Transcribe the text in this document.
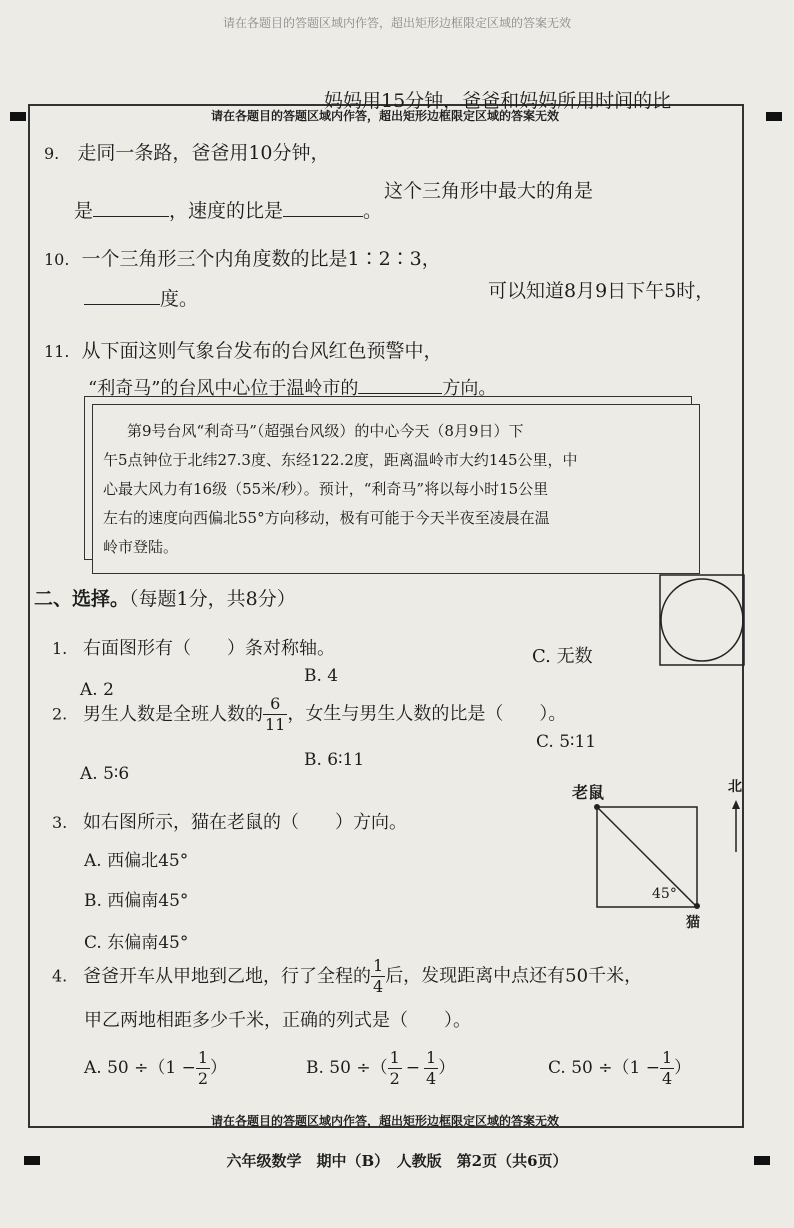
请在各题目的答题区域内作答，超出矩形边框限定区域的答案无效
请在各题目的答题区域内作答，超出矩形边框限定区域的答案无效
妈妈用15分钟，爸爸和妈妈所用时间的比
9. 走同一条路，爸爸用10分钟，
是	，速度的比是	。
这个三角形中最大的角是
10. 一个三角形三个内角度数的比是1∶2∶3，
度。	可以知道8月9日下午5时，
11. 从下面这则气象台发布的台风红色预警中，
“利奇马”的台风中心位于温岭市的	方向。
第9号台风“利奇马”（超强台风级）的中心今天（8月9日）下
午5点钟位于北纬27.3度、东经122.2度，距离温岭市大约145公里，中
心最大风力有16级（55米/秒）。预计，“利奇马”将以每小时15公里
左右的速度向西偏北55°方向移动，极有可能于今天半夜至凌晨在温
岭市登陆。
二、选择。（每题1分，共8分）
1. 右面图形有（　　）条对称轴。
A. 2
B. 4
C. 无数
2. 男生人数是全班人数的 $\frac{6}{11}$ ，女生与男生人数的比是（　　）。
A. 5∶6
B. 6∶11
C. 5∶11
3. 如右图所示，猫在老鼠的（　　）方向。
A. 西偏北45°
B. 西偏南45°
C. 东偏南45°
老鼠	北
猫
45°
4. 爸爸开车从甲地到乙地，行了全程的 $\frac{1}{4}$ 后，发现距离中点还有50千米，
甲乙两地相距多少千米，正确的列式是（　　）。
A. $50 \div(1 - \frac{1}{2}$ ）	B. 50 ÷（ $\frac{1}{2} - \frac{1}{4}$ ）	C. $50 \div(1 - \frac{1}{4}$ ）
请在各题目的答题区域内作答，超出矩形边框限定区域的答案无效
六年级数学　期中（B）　人教版　第2页（共6页）
